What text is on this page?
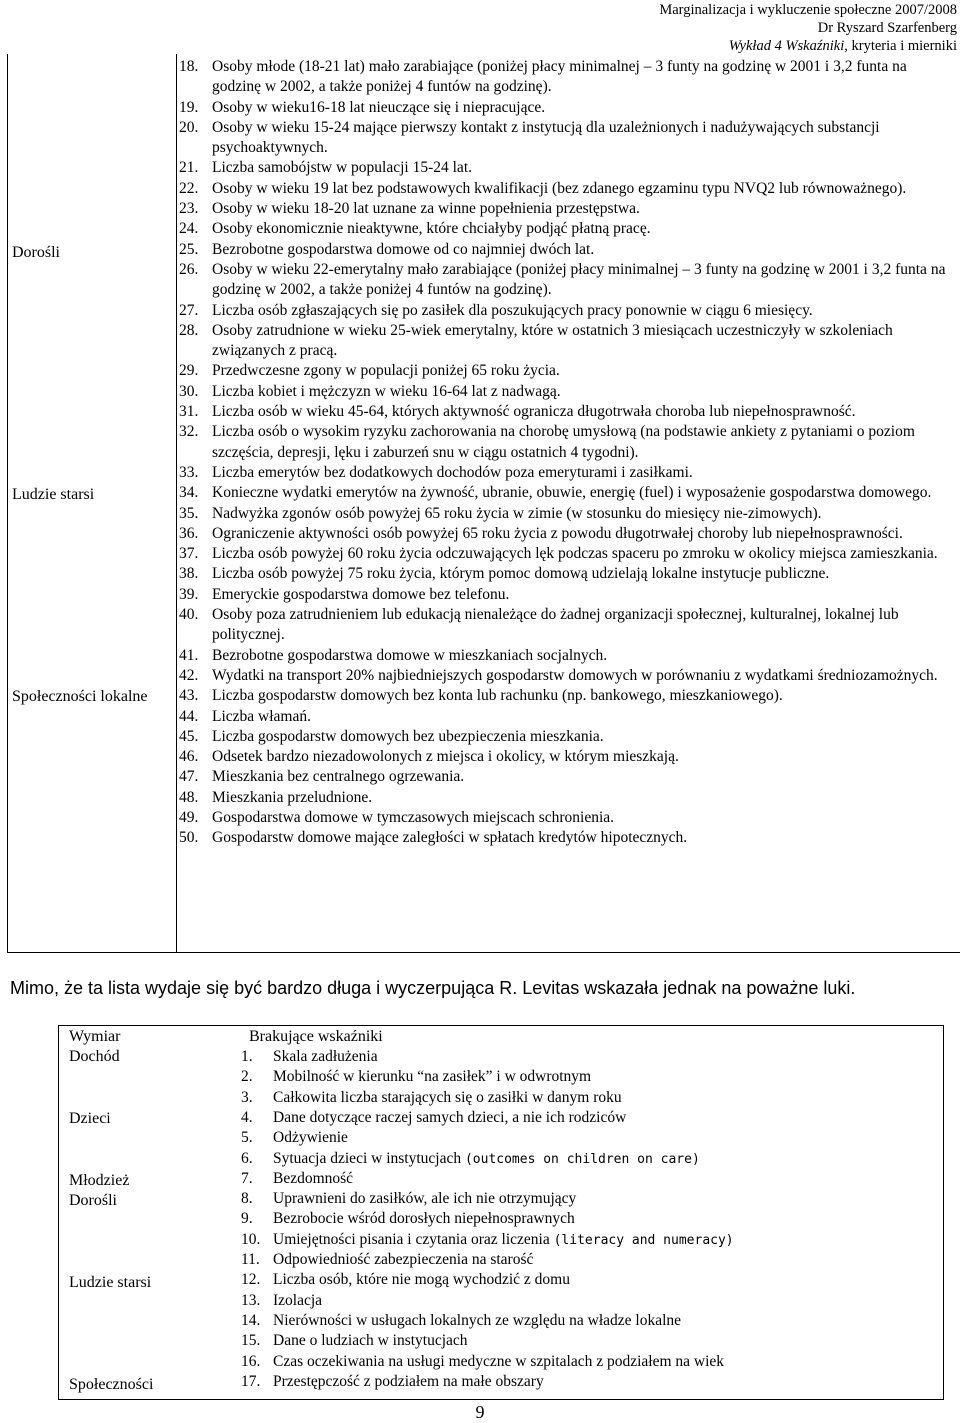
Marginalizacja i wykluczenie społeczne 2007/2008
Dr Ryszard Szarfenberg
Wykład 4 Wskaźniki, kryteria i mierniki
Dorośli
Ludzie starsi
Społeczności lokalne
18. Osoby młode (18-21 lat) mało zarabiające (poniżej płacy minimalnej – 3 funty na godzinę w 2001 i 3,2 funta na godzinę w 2002, a także poniżej 4 funtów na godzinę).
19. Osoby w wieku16-18 lat nieuczące się i niepracujące.
20. Osoby w wieku 15-24 mające pierwszy kontakt z instytucją dla uzależnionych i nadużywających substancji psychoaktywnych.
21. Liczba samobójstw w populacji 15-24 lat.
22. Osoby w wieku 19 lat bez podstawowych kwalifikacji (bez zdanego egzaminu typu NVQ2 lub równoważnego).
23. Osoby w wieku 18-20 lat uznane za winne popełnienia przestępstwa.
24. Osoby ekonomicznie nieaktywne, które chciałyby podjąć płatną pracę.
25. Bezrobotne gospodarstwa domowe od co najmniej dwóch lat.
26. Osoby w wieku 22-emerytalny mało zarabiające (poniżej płacy minimalnej – 3 funty na godzinę w 2001 i 3,2 funta na godzinę w 2002, a także poniżej 4 funtów na godzinę).
27. Liczba osób zgłaszających się po zasiłek dla poszukujących pracy ponownie w ciągu 6 miesięcy.
28. Osoby zatrudnione w wieku 25-wiek emerytalny, które w ostatnich 3 miesiącach uczestniczyły w szkoleniach związanych z pracą.
29. Przedwczesne zgony w populacji poniżej 65 roku życia.
30. Liczba kobiet i mężczyzn w wieku 16-64 lat z nadwagą.
31. Liczba osób w wieku 45-64, których aktywność ogranicza długotrwała choroba lub niepełnosprawność.
32. Liczba osób o wysokim ryzyku zachorowania na chorobę umysłową (na podstawie ankiety z pytaniami o poziom szczęścia, depresji, lęku i zaburzeń snu w ciągu ostatnich 4 tygodni).
33. Liczba emerytów bez dodatkowych dochodów poza emeryturami i zasiłkami.
34. Konieczne wydatki emerytów na żywność, ubranie, obuwie, energię (fuel) i wyposażenie gospodarstwa domowego.
35. Nadwyżka zgonów osób powyżej 65 roku życia w zimie (w stosunku do miesięcy nie-zimowych).
36. Ograniczenie aktywności osób powyżej 65 roku życia z powodu długotrwałej choroby lub niepełnosprawności.
37. Liczba osób powyżej 60 roku życia odczuwających lęk podczas spaceru po zmroku w okolicy miejsca zamieszkania.
38. Liczba osób powyżej 75 roku życia, którym pomoc domową udzielają lokalne instytucje publiczne.
39. Emeryckie gospodarstwa domowe bez telefonu.
40. Osoby poza zatrudnieniem lub edukacją nienależące do żadnej organizacji społecznej, kulturalnej, lokalnej lub politycznej.
41. Bezrobotne gospodarstwa domowe w mieszkaniach socjalnych.
42. Wydatki na transport 20% najbiedniejszych gospodarstw domowych w porównaniu z wydatkami średniozamożnych.
43. Liczba gospodarstw domowych bez konta lub rachunku (np. bankowego, mieszkaniowego).
44. Liczba włamań.
45. Liczba gospodarstw domowych bez ubezpieczenia mieszkania.
46. Odsetek bardzo niezadowolonych z miejsca i okolicy, w którym mieszkają.
47. Mieszkania bez centralnego ogrzewania.
48. Mieszkania przeludnione.
49. Gospodarstwa domowe w tymczasowych miejscach schronienia.
50. Gospodarstw domowe mające zaległości w spłatach kredytów hipotecznych.
Mimo, że ta lista wydaje się być bardzo długa i wyczerpująca R. Levitas wskazała jednak na poważne luki.
Wymiar	Brakujące wskaźniki
Dochód
Dzieci
Młodzież
Dorośli
Ludzie starsi
Społeczności
1. Skala zadłużenia
2. Mobilność w kierunku “na zasiłek” i w odwrotnym
3. Całkowita liczba starających się o zasiłki w danym roku
4. Dane dotyczące raczej samych dzieci, a nie ich rodziców
5. Odżywienie
6. Sytuacja dzieci w instytucjach (outcomes on children on care)
7. Bezdomność
8. Uprawnieni do zasiłków, ale ich nie otrzymujący
9. Bezrobocie wśród dorosłych niepełnosprawnych
10. Umiejętności pisania i czytania oraz liczenia (literacy and numeracy)
11. Odpowiedniość zabezpieczenia na starość
12. Liczba osób, które nie mogą wychodzić z domu
13. Izolacja
14. Nierówności w usługach lokalnych ze względu na władze lokalne
15. Dane o ludziach w instytucjach
16. Czas oczekiwania na usługi medyczne w szpitalach z podziałem na wiek
17. Przestępczość z podziałem na małe obszary
9
